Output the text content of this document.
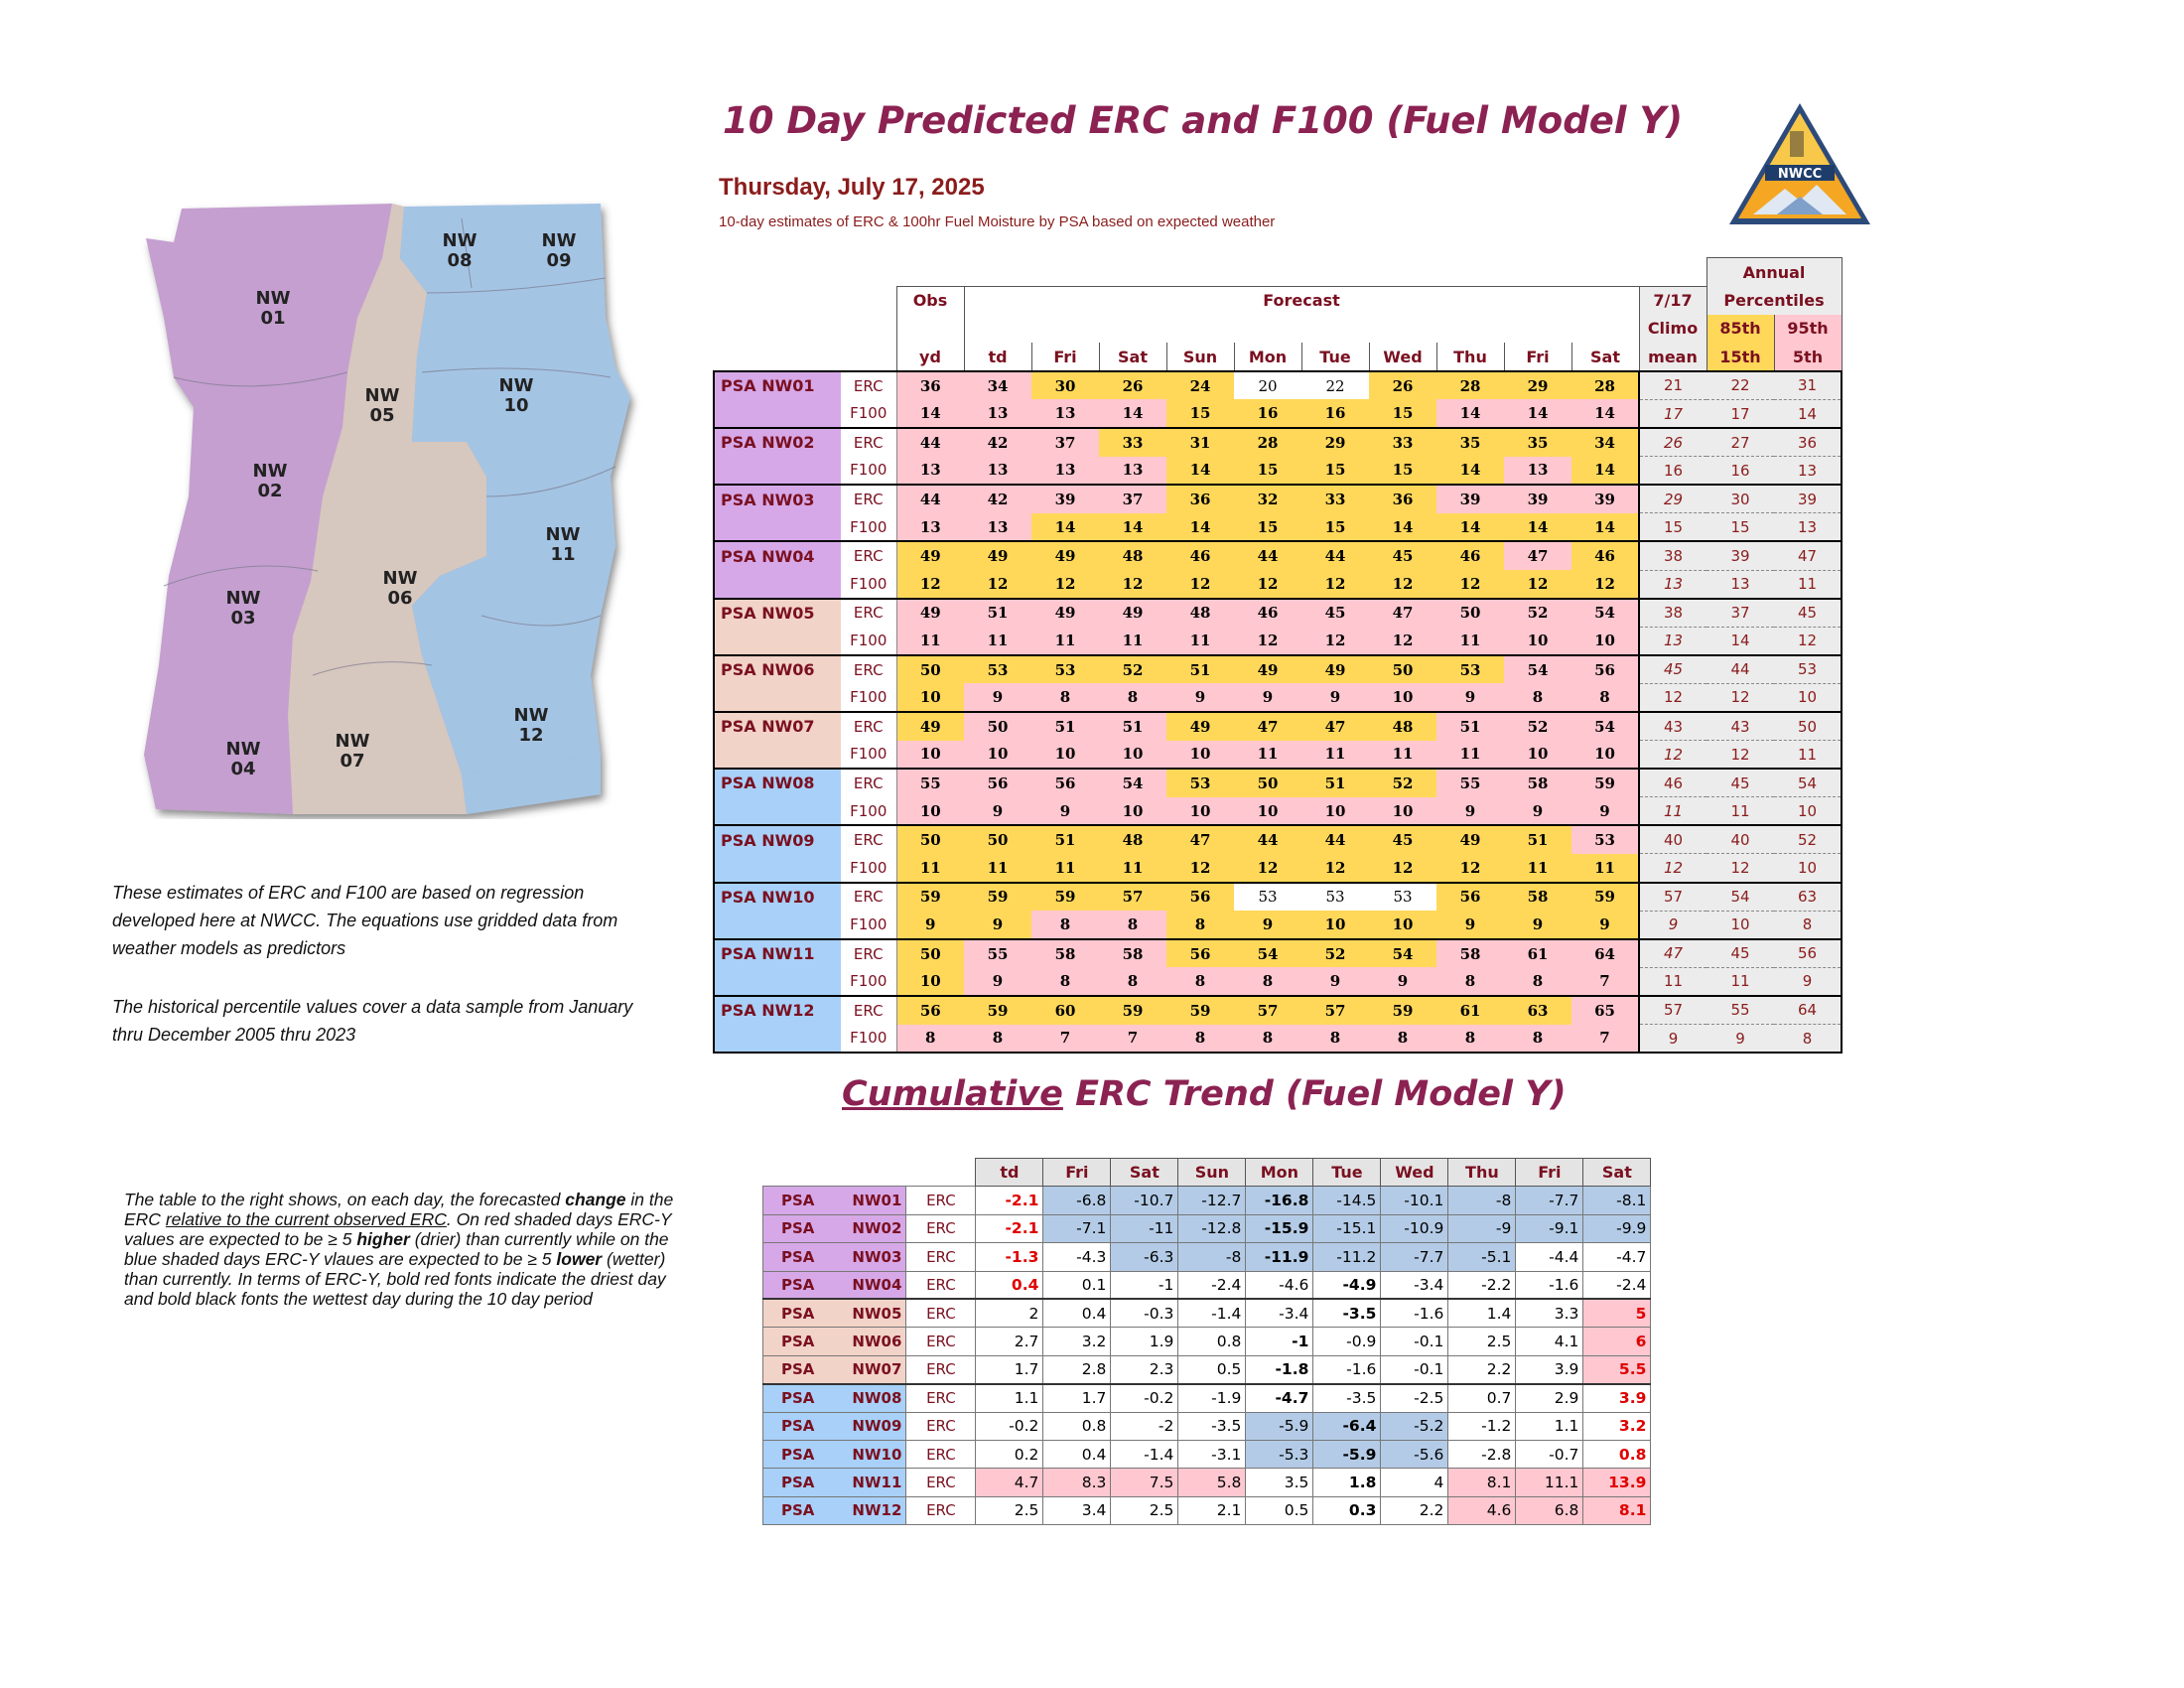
10 Day Predicted ERC and F100 (Fuel Model Y)
Thursday, July 17, 2025
10-day estimates of ERC & 100hr Fuel Moisture by PSA based on expected weather
NWCC
NW 01
NW 08
NW 09
NW 05
NW 10
NW 02
NW 11
NW 06
NW 03
NW 12
NW 04
NW 07
These estimates of ERC and F100 are based on regression developed here at NWCC. The equations use gridded data from weather models as predictors
The historical percentile values cover a data sample from January thru December 2005 thru 2023
														Annual	
		Obs	Forecast										7/17	Percentiles	
													Climo	85th	95th
		yd	td	Fri	Sat	Sun	Mon	Tue	Wed	Thu	Fri	Sat	mean	15th	5th
PSA NW01	ERC	36	34	30	26	24	20	22	26	28	29	28	21	22	31
	F100	14	13	13	14	15	16	16	15	14	14	14	17	17	14
PSA NW02	ERC	44	42	37	33	31	28	29	33	35	35	34	26	27	36
	F100	13	13	13	13	14	15	15	15	14	13	14	16	16	13
PSA NW03	ERC	44	42	39	37	36	32	33	36	39	39	39	29	30	39
	F100	13	13	14	14	14	15	15	14	14	14	14	15	15	13
PSA NW04	ERC	49	49	49	48	46	44	44	45	46	47	46	38	39	47
	F100	12	12	12	12	12	12	12	12	12	12	12	13	13	11
PSA NW05	ERC	49	51	49	49	48	46	45	47	50	52	54	38	37	45
	F100	11	11	11	11	11	12	12	12	11	10	10	13	14	12
PSA NW06	ERC	50	53	53	52	51	49	49	50	53	54	56	45	44	53
	F100	10	9	8	8	9	9	9	10	9	8	8	12	12	10
PSA NW07	ERC	49	50	51	51	49	47	47	48	51	52	54	43	43	50
	F100	10	10	10	10	10	11	11	11	11	10	10	12	12	11
PSA NW08	ERC	55	56	56	54	53	50	51	52	55	58	59	46	45	54
	F100	10	9	9	10	10	10	10	10	9	9	9	11	11	10
PSA NW09	ERC	50	50	51	48	47	44	44	45	49	51	53	40	40	52
	F100	11	11	11	11	12	12	12	12	12	11	11	12	12	10
PSA NW10	ERC	59	59	59	57	56	53	53	53	56	58	59	57	54	63
	F100	9	9	8	8	8	9	10	10	9	9	9	9	10	8
PSA NW11	ERC	50	55	58	58	56	54	52	54	58	61	64	47	45	56
	F100	10	9	8	8	8	8	9	9	8	8	7	11	11	9
PSA NW12	ERC	56	59	60	59	59	57	57	59	61	63	65	57	55	64
	F100	8	8	7	7	8	8	8	8	8	8	7	9	9	8
Cumulative ERC Trend (Fuel Model Y)
The table to the right shows, on each day, the forecasted change in the ERC relative to the current observed ERC. On red shaded days ERC-Y values are expected to be ≥ 5 higher (drier) than currently while on the blue shaded days ERC-Y vlaues are expected to be ≥ 5 lower (wetter) than currently. In terms of ERC-Y, bold red fonts indicate the driest day and bold black fonts the wettest day during the 10 day period
		td	Fri	Sat	Sun	Mon	Tue	Wed	Thu	Fri	Sat
PSA NW01	ERC	-2.1	-6.8	-10.7	-12.7	-16.8	-14.5	-10.1	-8	-7.7	-8.1
PSA NW02	ERC	-2.1	-7.1	-11	-12.8	-15.9	-15.1	-10.9	-9	-9.1	-9.9
PSA NW03	ERC	-1.3	-4.3	-6.3	-8	-11.9	-11.2	-7.7	-5.1	-4.4	-4.7
PSA NW04	ERC	0.4	0.1	-1	-2.4	-4.6	-4.9	-3.4	-2.2	-1.6	-2.4
PSA NW05	ERC	2	0.4	-0.3	-1.4	-3.4	-3.5	-1.6	1.4	3.3	5
PSA NW06	ERC	2.7	3.2	1.9	0.8	-1	-0.9	-0.1	2.5	4.1	6
PSA NW07	ERC	1.7	2.8	2.3	0.5	-1.8	-1.6	-0.1	2.2	3.9	5.5
PSA NW08	ERC	1.1	1.7	-0.2	-1.9	-4.7	-3.5	-2.5	0.7	2.9	3.9
PSA NW09	ERC	-0.2	0.8	-2	-3.5	-5.9	-6.4	-5.2	-1.2	1.1	3.2
PSA NW10	ERC	0.2	0.4	-1.4	-3.1	-5.3	-5.9	-5.6	-2.8	-0.7	0.8
PSA NW11	ERC	4.7	8.3	7.5	5.8	3.5	1.8	4	8.1	11.1	13.9
PSA NW12	ERC	2.5	3.4	2.5	2.1	0.5	0.3	2.2	4.6	6.8	8.1
